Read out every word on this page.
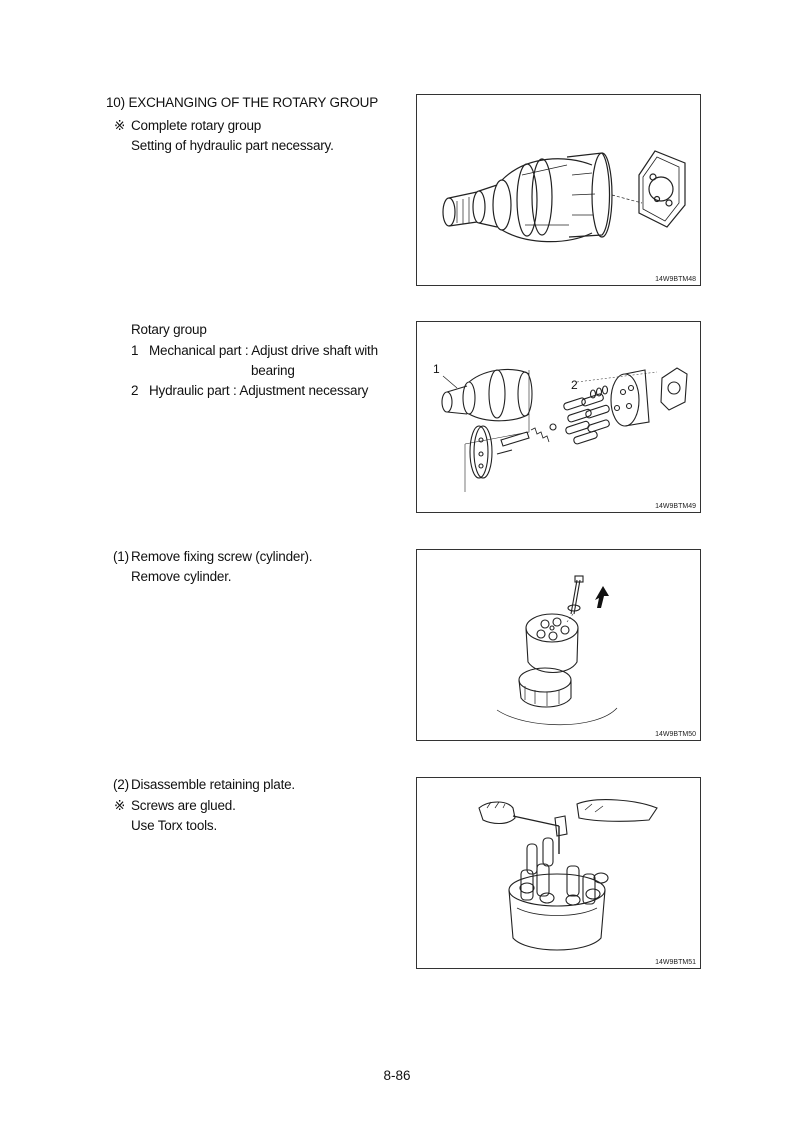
10) EXCHANGING OF THE ROTARY GROUP
※ Complete rotary group
Setting of hydraulic part necessary.
14W9BTM48
Rotary group
1 Mechanical part : Adjust drive shaft with
bearing
2 Hydraulic part : Adjustment necessary
1
2
14W9BTM49
(1) Remove fixing screw (cylinder).
Remove cylinder.
14W9BTM50
(2) Disassemble retaining plate.
※ Screws are glued.
Use Torx tools.
14W9BTM51
8-86
